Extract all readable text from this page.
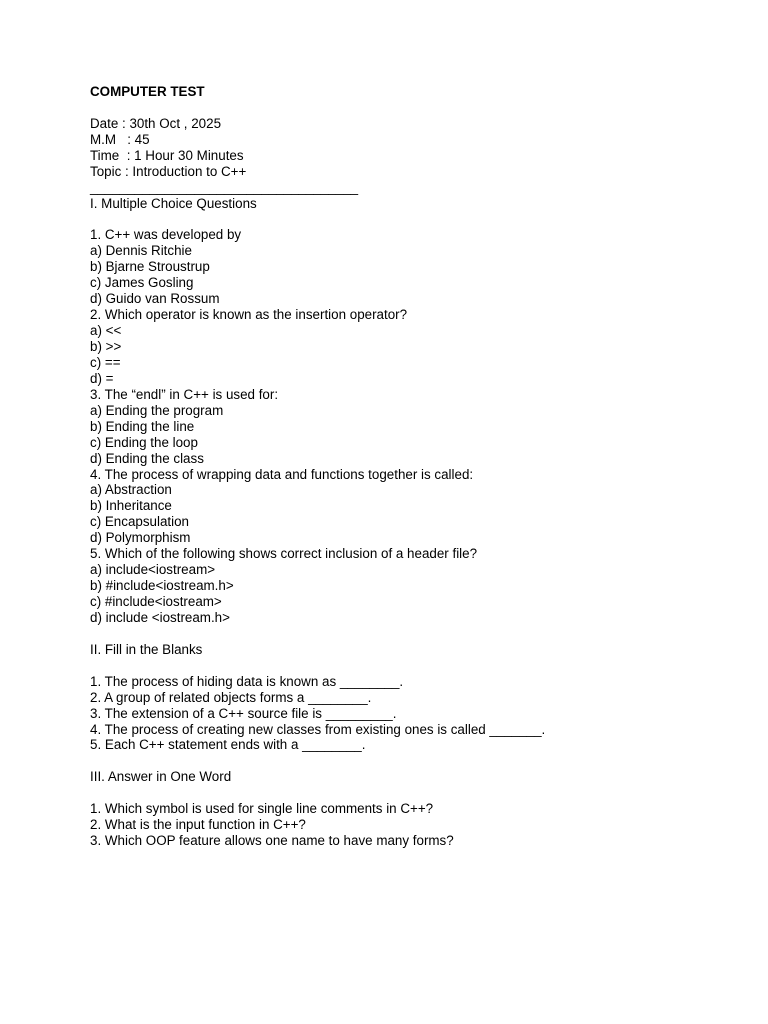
COMPUTER TEST
Date : 30th Oct , 2025
M.M   : 45
Time  : 1 Hour 30 Minutes
Topic : Introduction to C++
____________________________________
I. Multiple Choice Questions
1. C++ was developed by
a) Dennis Ritchie
b) Bjarne Stroustrup
c) James Gosling
d) Guido van Rossum
2. Which operator is known as the insertion operator?
a) <<
b) >>
c) ==
d) =
3. The “endl” in C++ is used for:
a) Ending the program
b) Ending the line
c) Ending the loop
d) Ending the class
4. The process of wrapping data and functions together is called:
a) Abstraction
b) Inheritance
c) Encapsulation
d) Polymorphism
5. Which of the following shows correct inclusion of a header file?
a) include<iostream>
b) #include<iostream.h>
c) #include<iostream>
d) include <iostream.h>
II. Fill in the Blanks
1. The process of hiding data is known as ________.
2. A group of related objects forms a ________.
3. The extension of a C++ source file is _________.
4. The process of creating new classes from existing ones is called _______.
5. Each C++ statement ends with a ________.
III. Answer in One Word
1. Which symbol is used for single line comments in C++?
2. What is the input function in C++?
3. Which OOP feature allows one name to have many forms?
